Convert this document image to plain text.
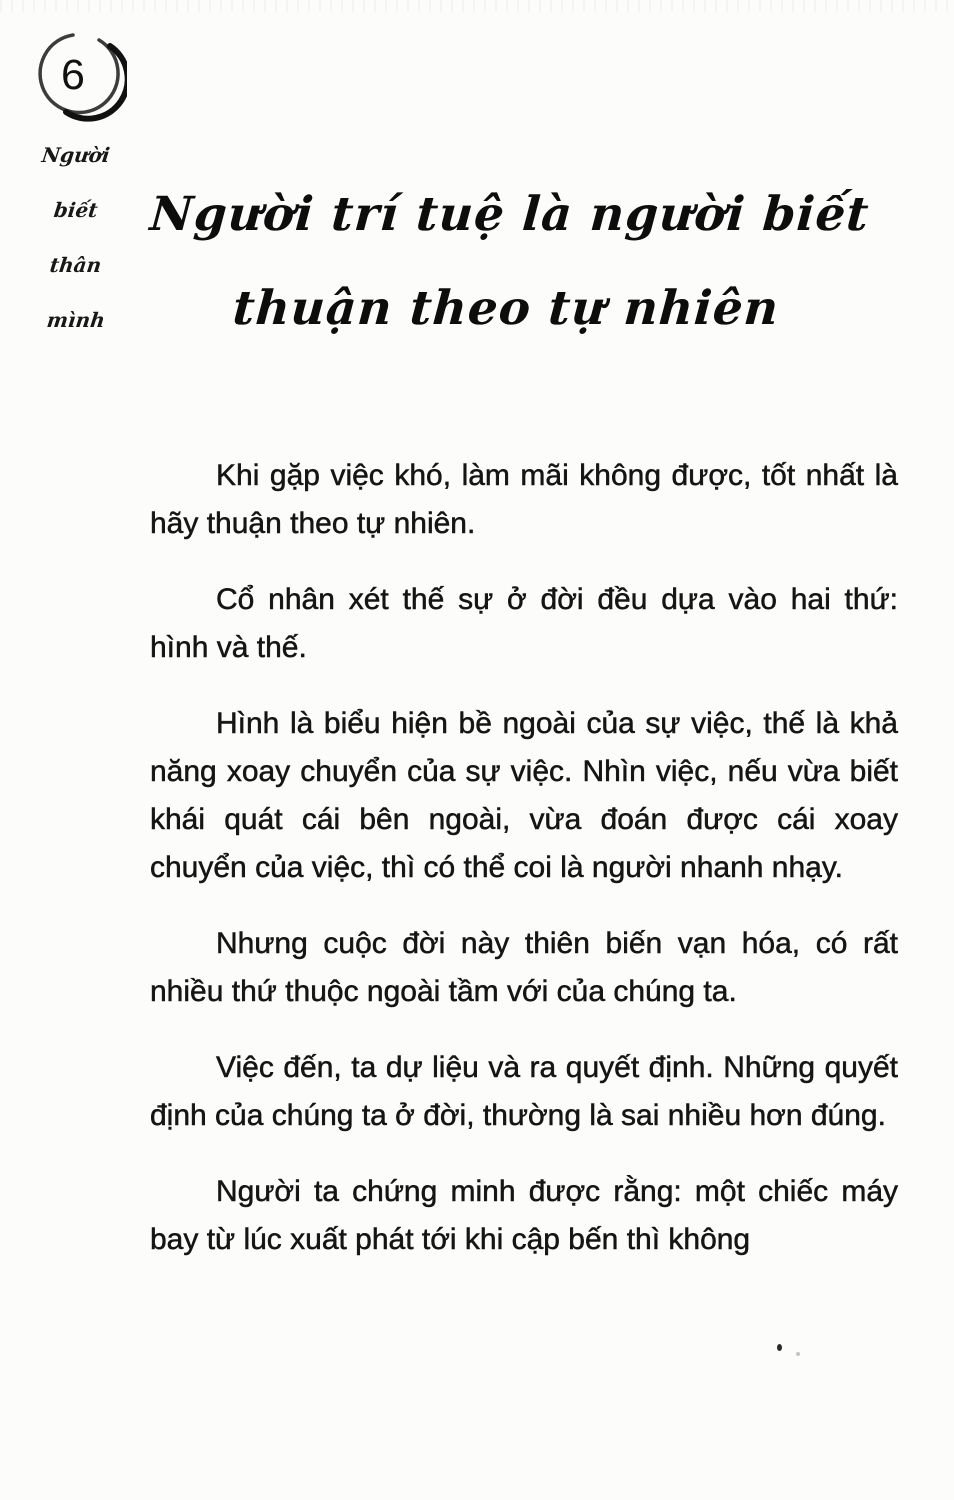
6
Người
biết
thân
mình
Người trí tuệ là người biết
thuận theo tự nhiên

Khi gặp việc khó, làm mãi không được, tốt nhất là hãy thuận theo tự nhiên.

Cổ nhân xét thế sự ở đời đều dựa vào hai thứ: hình và thế.

Hình là biểu hiện bề ngoài của sự việc, thế là khả năng xoay chuyển của sự việc. Nhìn việc, nếu vừa biết khái quát cái bên ngoài, vừa đoán được cái xoay chuyển của việc, thì có thể coi là người nhanh nhạy.

Nhưng cuộc đời này thiên biến vạn hóa, có rất nhiều thứ thuộc ngoài tầm với của chúng ta.

Việc đến, ta dự liệu và ra quyết định. Những quyết định của chúng ta ở đời, thường là sai nhiều hơn đúng.

Người ta chứng minh được rằng: một chiếc máy bay từ lúc xuất phát tới khi cập bến thì không
